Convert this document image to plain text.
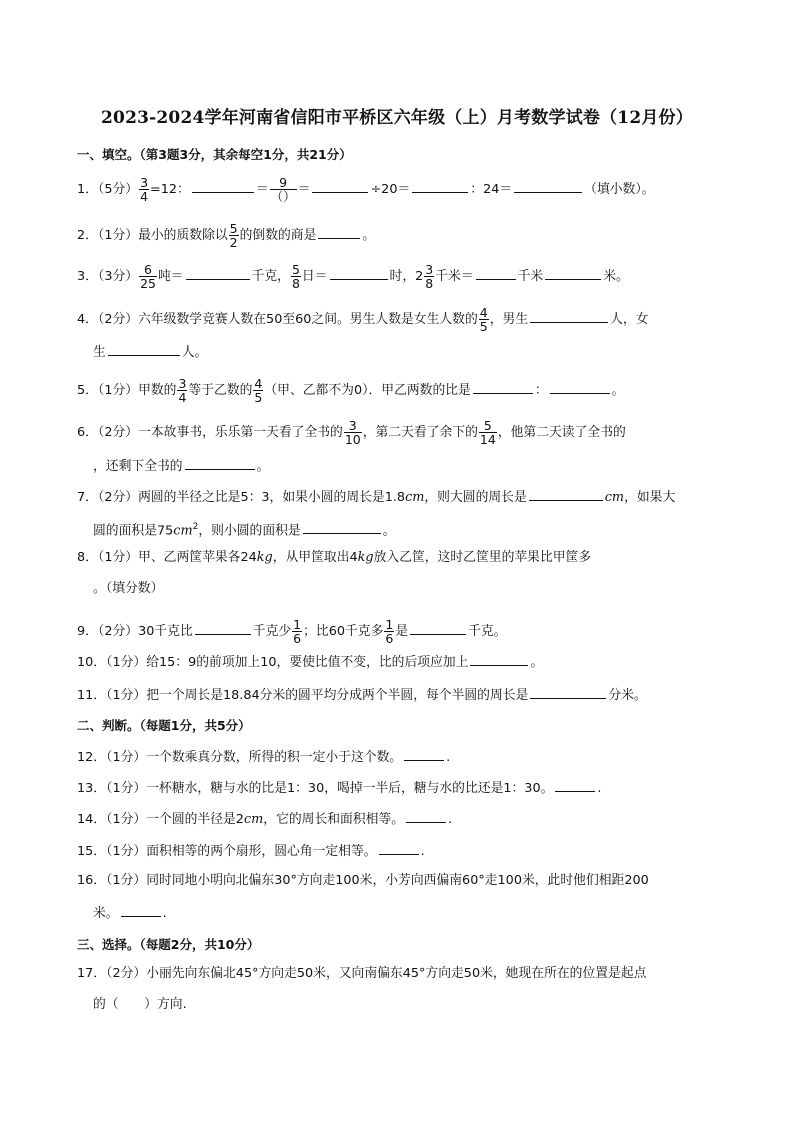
2023-2024学年河南省信阳市平桥区六年级（上）月考数学试卷（12月份）
一、填空。（第3题3分，其余每空1分，共21分）
1．（5分） $\frac{3}{4} =12$：	＝ $\frac{9}{()}$ ＝	÷20＝	：24＝	（填小数）。
2．（1分）最小的质数除以 $\frac{5}{2}$ 的倒数的商是	。
3．（3分） $\frac{6}{25}$ 吨＝	千克， $\frac{5}{8}$ 日＝	时，$2 \frac{3}{8}$ 千米＝	千米	米。
4．（2分）六年级数学竞赛人数在50至60之间。男生人数是女生人数的 $\frac{4}{5}$ ，男生	人，女
生	人。
5．（1分）甲数的 $\frac{3}{4}$ 等于乙数的 $\frac{4}{5}$ （甲、乙都不为0）．甲乙两数的比是	：	。
6．（2分）一本故事书，乐乐第一天看了全书的 $\frac{3}{10}$ ，第二天看了余下的 $\frac{5}{14}$ ，他第二天读了全书的
，还剩下全书的	。
7．（2分）两圆的半径之比是5：3，如果小圆的周长是1.8cm，则大圆的周长是	cm，如果大
圆的面积是$75cm^2$，则小圆的面积是	。
8．（1分）甲、乙两筐苹果各24kg，从甲筐取出4kg放入乙筐，这时乙筐里的苹果比甲筐多
。（填分数）
9．（2分）30千克比	千克少 $\frac{1}{6}$ ；比60千克多 $\frac{1}{6}$ 是	千克。
10．（1分）给15：9的前项加上10，要使比值不变，比的后项应加上	。
11．（1分）把一个周长是18.84分米的圆平均分成两个半圆，每个半圆的周长是	分米。
二、判断。（每题1分，共5分）
12．（1分）一个数乘真分数，所得的积一定小于这个数。	.
13．（1分）一杯糖水，糖与水的比是1：30，喝掉一半后，糖与水的比还是1：30。	.
14．（1分）一个圆的半径是2cm，它的周长和面积相等。	.
15．（1分）面积相等的两个扇形，圆心角一定相等。	.
16．（1分）同时同地小明向北偏东30°方向走100米，小芳向西偏南60°走100米，此时他们相距200
米。	.
三、选择。（每题2分，共10分）
17．（2分）小丽先向东偏北45°方向走50米，又向南偏东45°方向走50米，她现在所在的位置是起点
的（　　）方向.
